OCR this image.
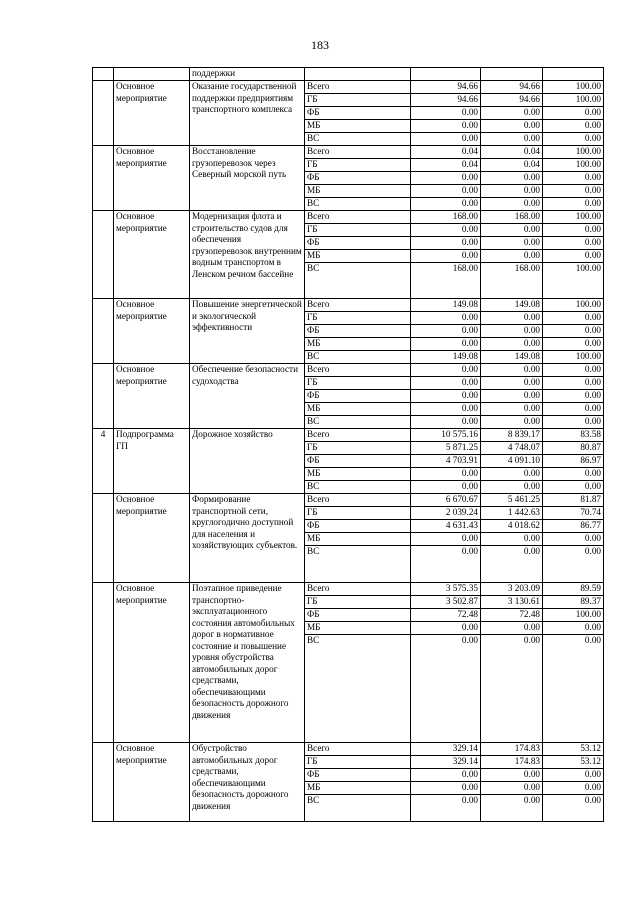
183
		поддержки				
	Основное мероприятие	Оказание государственной поддержки предприятиям транспортного комплекса	Всего	94.66	94.66	100.00
			ГБ	94.66	94.66	100.00
			ФБ	0.00	0.00	0.00
			МБ	0.00	0.00	0.00
			ВС	0.00	0.00	0.00
	Основное мероприятие	Восстановление грузоперевозок через Северный морской путь	Всего	0.04	0.04	100.00
			ГБ	0.04	0.04	100.00
			ФБ	0.00	0.00	0.00
			МБ	0.00	0.00	0.00
			ВС	0.00	0.00	0.00
	Основное мероприятие	Модернизация флота и строительство судов для обеспечения грузоперевозок внутренним водным транспортом в Ленском речном бассейне	Всего	168.00	168.00	100.00
			ГБ	0.00	0.00	0.00
			ФБ	0.00	0.00	0.00
			МБ	0.00	0.00	0.00
			ВС	168.00	168.00	100.00
	Основное мероприятие	Повышение энергетической и экологической эффективности	Всего	149.08	149.08	100.00
			ГБ	0.00	0.00	0.00
			ФБ	0.00	0.00	0.00
			МБ	0.00	0.00	0.00
			ВС	149.08	149.08	100.00
	Основное мероприятие	Обеспечение безопасности судоходства	Всего	0.00	0.00	0.00
			ГБ	0.00	0.00	0.00
			ФБ	0.00	0.00	0.00
			МБ	0.00	0.00	0.00
			ВС	0.00	0.00	0.00
4	Подпрограмма ГП	Дорожное хозяйство	Всего	10 575.16	8 839.17	83.58
			ГБ	5 871.25	4 748.07	80.87
			ФБ	4 703.91	4 091.10	86.97
			МБ	0.00	0.00	0.00
			ВС	0.00	0.00	0.00
	Основное мероприятие	Формирование транспортной сети, круглогодично доступной для населения и хозяйствующих субъектов.	Всего	6 670.67	5 461.25	81.87
			ГБ	2 039.24	1 442.63	70.74
			ФБ	4 631.43	4 018.62	86.77
			МБ	0.00	0.00	0.00
			ВС	0.00	0.00	0.00
	Основное мероприятие	Поэтапное приведение транспортно-эксплуатационного состояния автомобильных дорог в нормативное состояние и повышение уровня обустройства автомобильных дорог средствами, обеспечивающими безопасность дорожного движения	Всего	3 575.35	3 203.09	89.59
			ГБ	3 502.87	3 130.61	89.37
			ФБ	72.48	72.48	100.00
			МБ	0.00	0.00	0.00
			ВС	0.00	0.00	0.00
	Основное мероприятие	Обустройство автомобильных дорог средствами, обеспечивающими безопасность дорожного движения	Всего	329.14	174.83	53.12
			ГБ	329.14	174.83	53.12
			ФБ	0.00	0.00	0.00
			МБ	0.00	0.00	0.00
			ВС	0.00	0.00	0.00
